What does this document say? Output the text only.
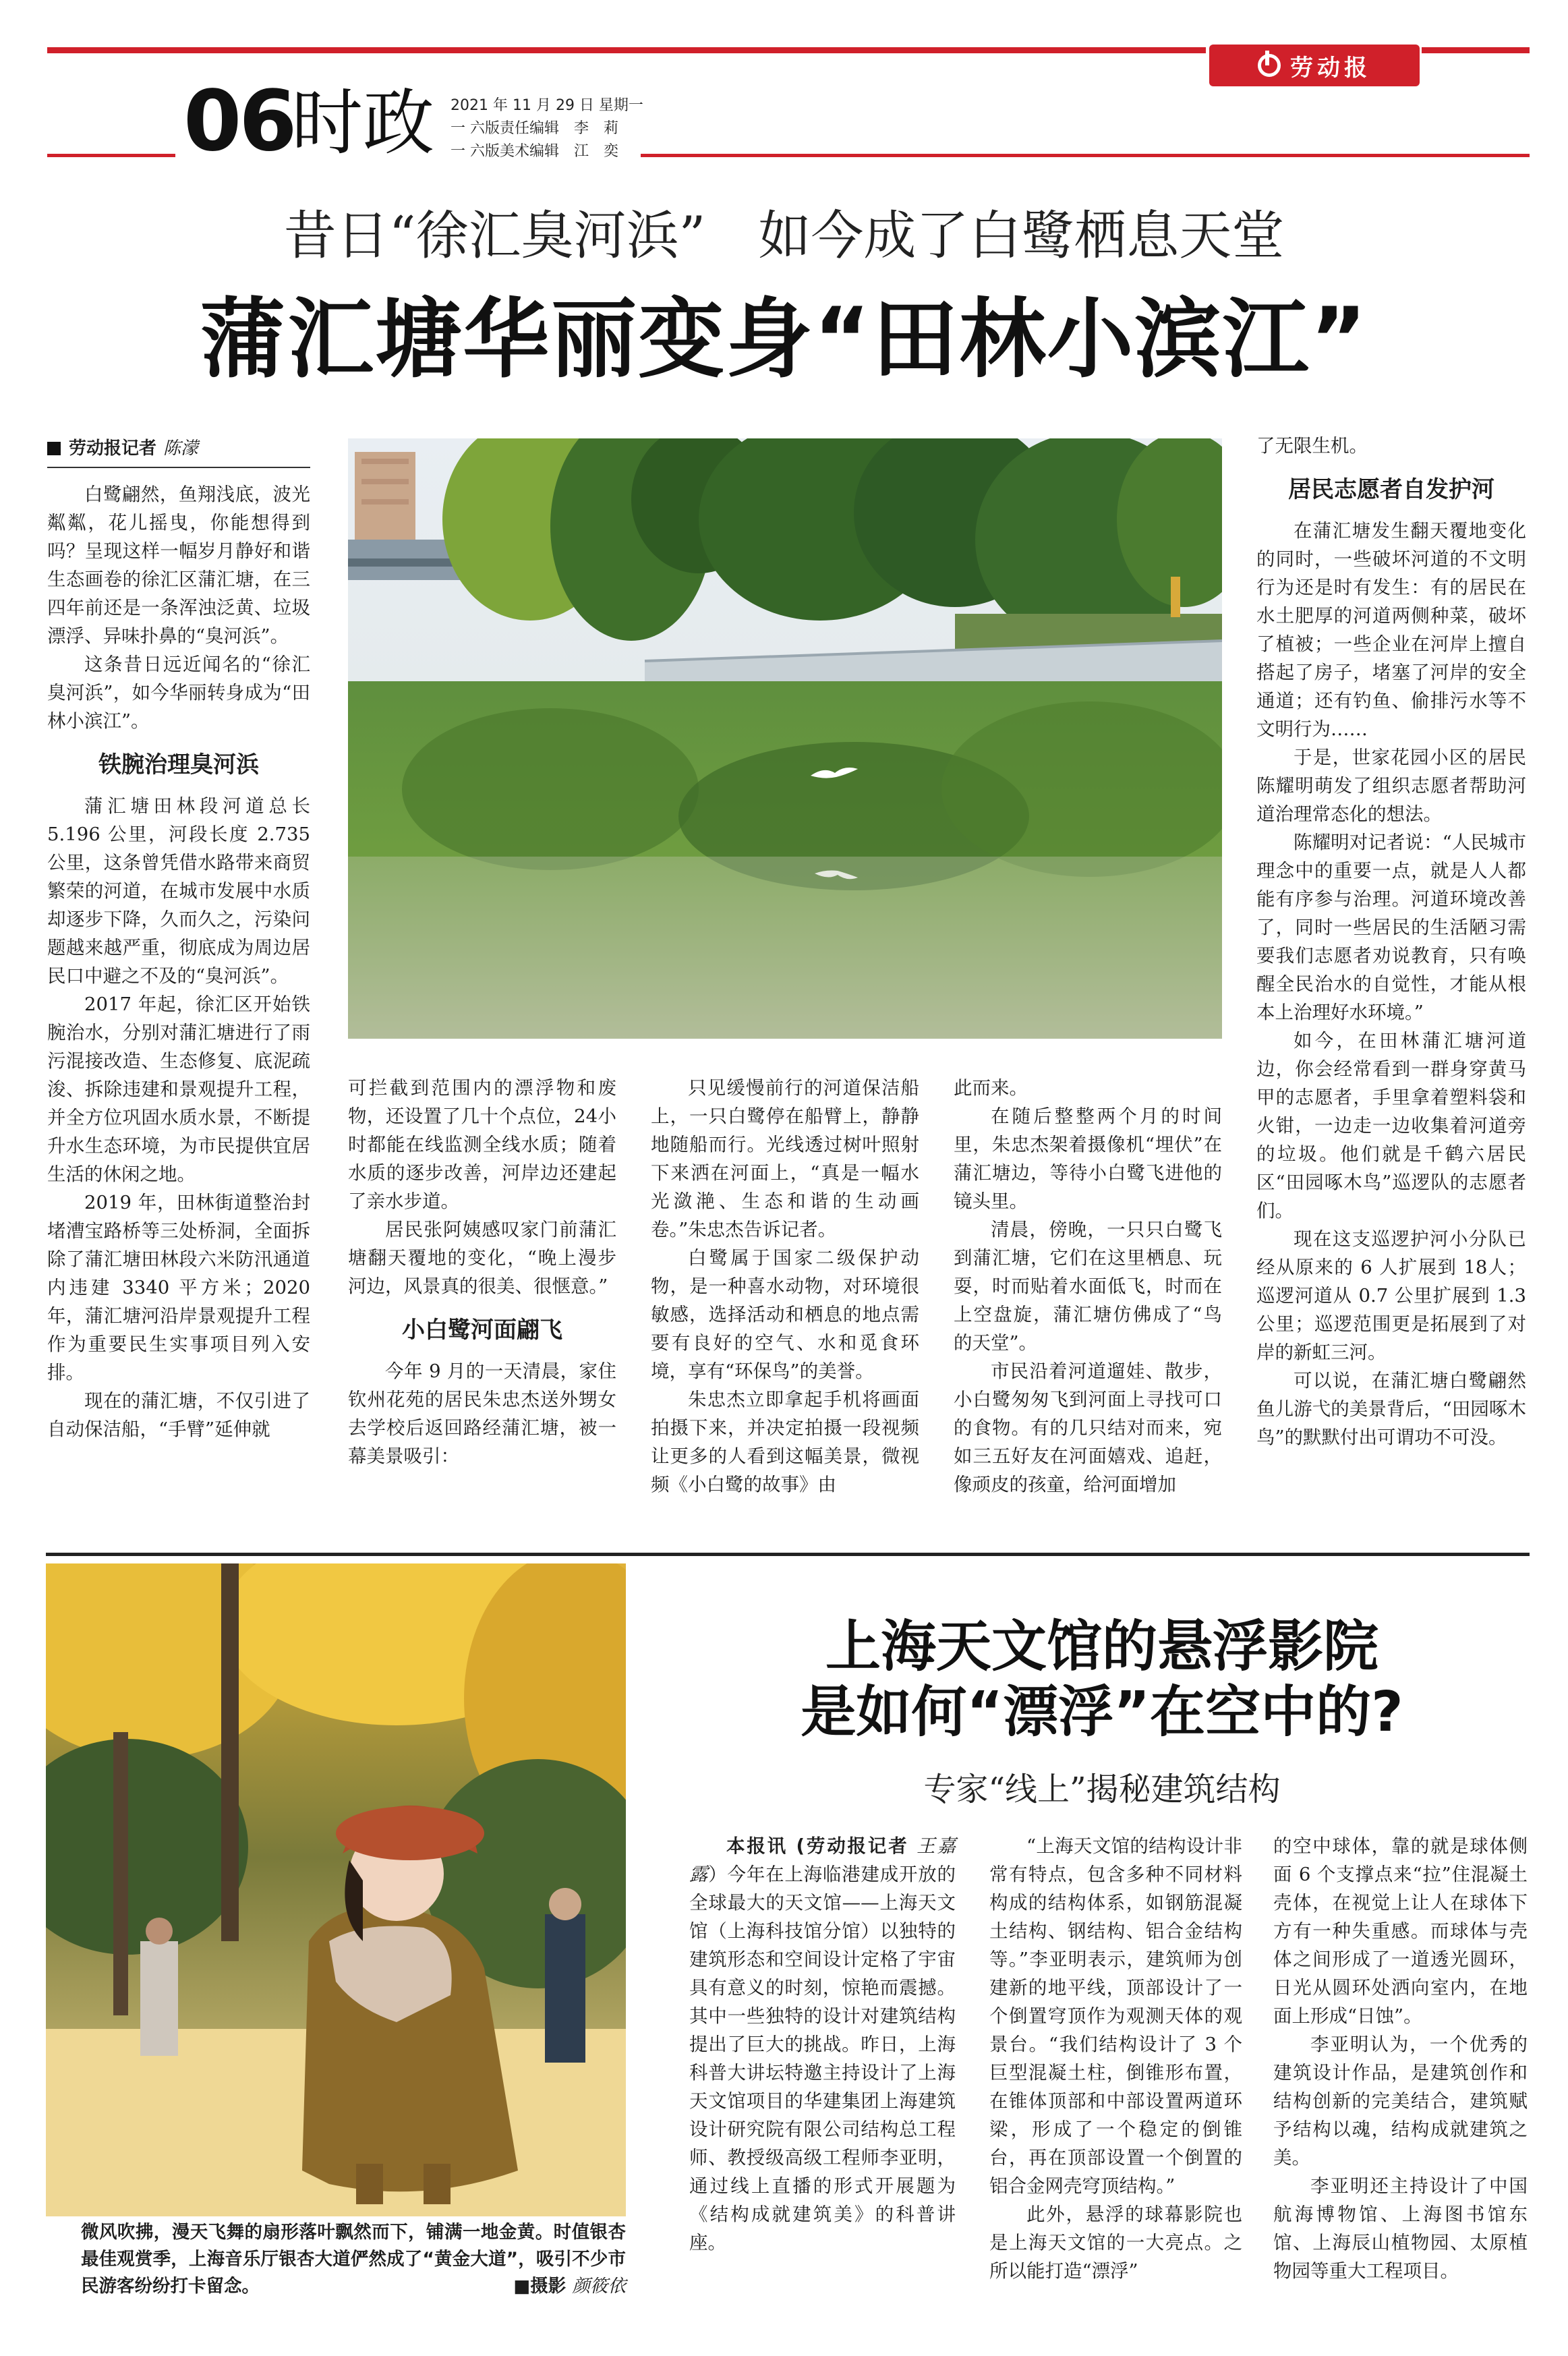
劳动报
06
时政 2021 年 11 月 29 日 星期一
一 六版责任编辑　李　莉
一 六版美术编辑　江　奕
昔日“徐汇臭河浜”　如今成了白鹭栖息天堂
蒲汇塘华丽变身“田林小滨江”
劳动报记者 陈濛

白鹭翩然，鱼翔浅底，波光粼粼，花儿摇曳，你能想得到吗？呈现这样一幅岁月静好和谐生态画卷的徐汇区蒲汇塘，在三四年前还是一条浑浊泛黄、垃圾漂浮、异味扑鼻的“臭河浜”。

这条昔日远近闻名的“徐汇臭河浜”，如今华丽转身成为“田林小滨江”。

铁腕治理臭河浜

蒲汇塘田林段河道总长5.196 公里，河段长度 2.735 公里，这条曾凭借水路带来商贸繁荣的河道，在城市发展中水质却逐步下降，久而久之，污染问题越来越严重，彻底成为周边居民口中避之不及的“臭河浜”。

2017 年起，徐汇区开始铁腕治水，分别对蒲汇塘进行了雨污混接改造、生态修复、底泥疏浚、拆除违建和景观提升工程，并全方位巩固水质水景，不断提升水生态环境，为市民提供宜居生活的休闲之地。

2019 年，田林街道整治封堵漕宝路桥等三处桥洞，全面拆除了蒲汇塘田林段六米防汛通道内违建 3340 平方米；2020年，蒲汇塘河沿岸景观提升工程作为重要民生实事项目列入安排。

现在的蒲汇塘，不仅引进了自动保洁船，“手臂”延伸就

可拦截到范围内的漂浮物和废物，还设置了几十个点位，24小时都能在线监测全线水质；随着水质的逐步改善，河岸边还建起了亲水步道。

居民张阿姨感叹家门前蒲汇塘翻天覆地的变化，“晚上漫步河边，风景真的很美、很惬意。”

小白鹭河面翩飞

今年 9 月的一天清晨，家住钦州花苑的居民朱忠杰送外甥女去学校后返回路经蒲汇塘，被一幕美景吸引：

只见缓慢前行的河道保洁船上，一只白鹭停在船臂上，静静地随船而行。光线透过树叶照射下来洒在河面上，“真是一幅水光潋滟、生态和谐的生动画卷。”朱忠杰告诉记者。

白鹭属于国家二级保护动物，是一种喜水动物，对环境很敏感，选择活动和栖息的地点需要有良好的空气、水和觅食环境，享有“环保鸟”的美誉。

朱忠杰立即拿起手机将画面拍摄下来，并决定拍摄一段视频让更多的人看到这幅美景，微视频《小白鹭的故事》由

此而来。

在随后整整两个月的时间里，朱忠杰架着摄像机“埋伏”在蒲汇塘边，等待小白鹭飞进他的镜头里。

清晨，傍晚，一只只白鹭飞到蒲汇塘，它们在这里栖息、玩耍，时而贴着水面低飞，时而在上空盘旋，蒲汇塘仿佛成了“鸟的天堂”。

市民沿着河道遛娃、散步，小白鹭匆匆飞到河面上寻找可口的食物。有的几只结对而来，宛如三五好友在河面嬉戏、追赶，像顽皮的孩童，给河面增加

了无限生机。

居民志愿者自发护河

在蒲汇塘发生翻天覆地变化的同时，一些破坏河道的不文明行为还是时有发生：有的居民在水土肥厚的河道两侧种菜，破坏了植被；一些企业在河岸上擅自搭起了房子，堵塞了河岸的安全通道；还有钓鱼、偷排污水等不文明行为……

于是，世家花园小区的居民陈耀明萌发了组织志愿者帮助河道治理常态化的想法。

陈耀明对记者说：“人民城市理念中的重要一点，就是人人都能有序参与治理。河道环境改善了，同时一些居民的生活陋习需要我们志愿者劝说教育，只有唤醒全民治水的自觉性，才能从根本上治理好水环境。”

如今，在田林蒲汇塘河道边，你会经常看到一群身穿黄马甲的志愿者，手里拿着塑料袋和火钳，一边走一边收集着河道旁的垃圾。他们就是千鹤六居民区“田园啄木鸟”巡逻队的志愿者们。

现在这支巡逻护河小分队已经从原来的 6 人扩展到 18人；巡逻河道从 0.7 公里扩展到 1.3 公里；巡逻范围更是拓展到了对岸的新虹三河。

可以说，在蒲汇塘白鹭翩然鱼儿游弋的美景背后，“田园啄木鸟”的默默付出可谓功不可没。

微风吹拂，漫天飞舞的扇形落叶飘然而下，铺满一地金黄。时值银杏最佳观赏季，上海音乐厅银杏大道俨然成了“黄金大道”，吸引不少市民游客纷纷打卡留念。	■摄影 颜筱依
上海天文馆的悬浮影院
是如何“漂浮”在空中的?
专家“线上”揭秘建筑结构

本报讯 (劳动报记者 王嘉露）今年在上海临港建成开放的全球最大的天文馆——上海天文馆（上海科技馆分馆）以独特的建筑形态和空间设计定格了宇宙具有意义的时刻，惊艳而震撼。其中一些独特的设计对建筑结构提出了巨大的挑战。昨日，上海科普大讲坛特邀主持设计了上海天文馆项目的华建集团上海建筑设计研究院有限公司结构总工程师、教授级高级工程师李亚明，通过线上直播的形式开展题为《结构成就建筑美》的科普讲座。

“上海天文馆的结构设计非常有特点，包含多种不同材料构成的结构体系，如钢筋混凝土结构、钢结构、铝合金结构等。”李亚明表示，建筑师为创建新的地平线，顶部设计了一个倒置穹顶作为观测天体的观景台。“我们结构设计了 3 个巨型混凝土柱，倒锥形布置，在锥体顶部和中部设置两道环梁，形成了一个稳定的倒锥台，再在顶部设置一个倒置的铝合金网壳穹顶结构。”

此外，悬浮的球幕影院也是上海天文馆的一大亮点。之所以能打造“漂浮”

的空中球体，靠的就是球体侧面 6 个支撑点来“拉”住混凝土壳体，在视觉上让人在球体下方有一种失重感。而球体与壳体之间形成了一道透光圆环，日光从圆环处洒向室内，在地面上形成“日蚀”。

李亚明认为，一个优秀的建筑设计作品，是建筑创作和结构创新的完美结合，建筑赋予结构以魂，结构成就建筑之美。

李亚明还主持设计了中国航海博物馆、上海图书馆东馆、上海辰山植物园、太原植物园等重大工程项目。
